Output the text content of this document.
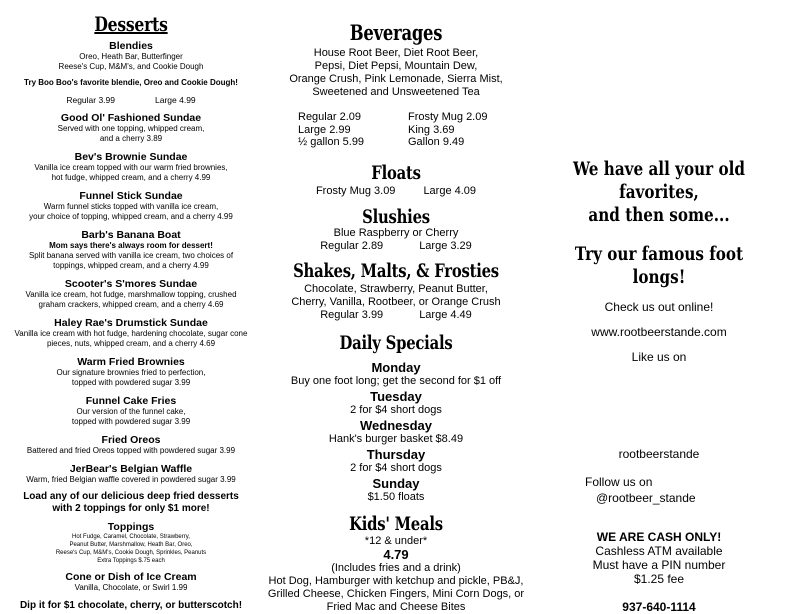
Desserts
Blendies
Oreo, Heath Bar, Butterfinger
Reese's Cup, M&M's, and Cookie Dough
Try Boo Boo's favorite blendie, Oreo and Cookie Dough!
Regular 3.99	Large 4.99
Good Ol' Fashioned Sundae
Served with one topping, whipped cream,
and a cherry 3.89
Bev's Brownie Sundae
Vanilla ice cream topped with our warm fried brownies,
hot fudge, whipped cream, and a cherry 4.99
Funnel Stick Sundae
Warm funnel sticks topped with vanilla ice cream,
your choice of topping, whipped cream, and a cherry 4.99
Barb's Banana Boat
Mom says there's always room for dessert!
Split banana served with vanilla ice cream, two choices of
toppings, whipped cream, and a cherry 4.99
Scooter's S'mores Sundae
Vanilla ice cream, hot fudge, marshmallow topping, crushed
graham crackers, whipped cream, and a cherry 4.69
Haley Rae's Drumstick Sundae
Vanilla ice cream with hot fudge, hardening chocolate, sugar cone
pieces, nuts, whipped cream, and a cherry 4.69
Warm Fried Brownies
Our signature brownies fried to perfection,
topped with powdered sugar 3.99
Funnel Cake Fries
Our version of the funnel cake,
topped with powdered sugar 3.99
Fried Oreos
Battered and fried Oreos topped with powdered sugar 3.99
JerBear's Belgian Waffle
Warm, fried Belgian waffle covered in powdered sugar 3.99
Load any of our delicious deep fried desserts
with 2 toppings for only $1 more!
Toppings
Hot Fudge, Caramel, Chocolate, Strawberry,
Peanut Butter, Marshmallow, Heath Bar, Oreo,
Reese's Cup, M&M's, Cookie Dough, Sprinkles, Peanuts
Extra Toppings $.75 each
Cone or Dish of Ice Cream
Vanilla, Chocolate, or Swirl 1.99
Dip it for $1 chocolate, cherry, or butterscotch!
Beverages
House Root Beer, Diet Root Beer,
Pepsi, Diet Pepsi, Mountain Dew,
Orange Crush, Pink Lemonade, Sierra Mist,
Sweetened and Unsweetened Tea
Regular 2.09	Frosty Mug 2.09
Large 2.99	King 3.69
½ gallon 5.99	Gallon 9.49
Floats
Frosty Mug 3.09	Large 4.09
Slushies
Blue Raspberry or Cherry
Regular 2.89	Large 3.29
Shakes, Malts, & Frosties
Chocolate, Strawberry, Peanut Butter,
Cherry, Vanilla, Rootbeer, or Orange Crush
Regular 3.99	Large 4.49
Daily Specials
Monday
Buy one foot long; get the second for $1 off
Tuesday
2 for $4 short dogs
Wednesday
Hank's burger basket $8.49
Thursday
2 for $4 short dogs
Sunday
$1.50 floats
Kids' Meals
*12 & under*
4.79
(Includes fries and a drink)
Hot Dog, Hamburger with ketchup and pickle, PB&J,
Grilled Cheese, Chicken Fingers, Mini Corn Dogs, or
Fried Mac and Cheese Bites
We have all your old favorites,
and then some...
Try our famous foot longs!
Check us out online!
www.rootbeerstande.com
Like us on
rootbeerstande
Follow us on
@rootbeer_stande
WE ARE CASH ONLY!
Cashless ATM available
Must have a PIN number
$1.25 fee
937-640-1114
